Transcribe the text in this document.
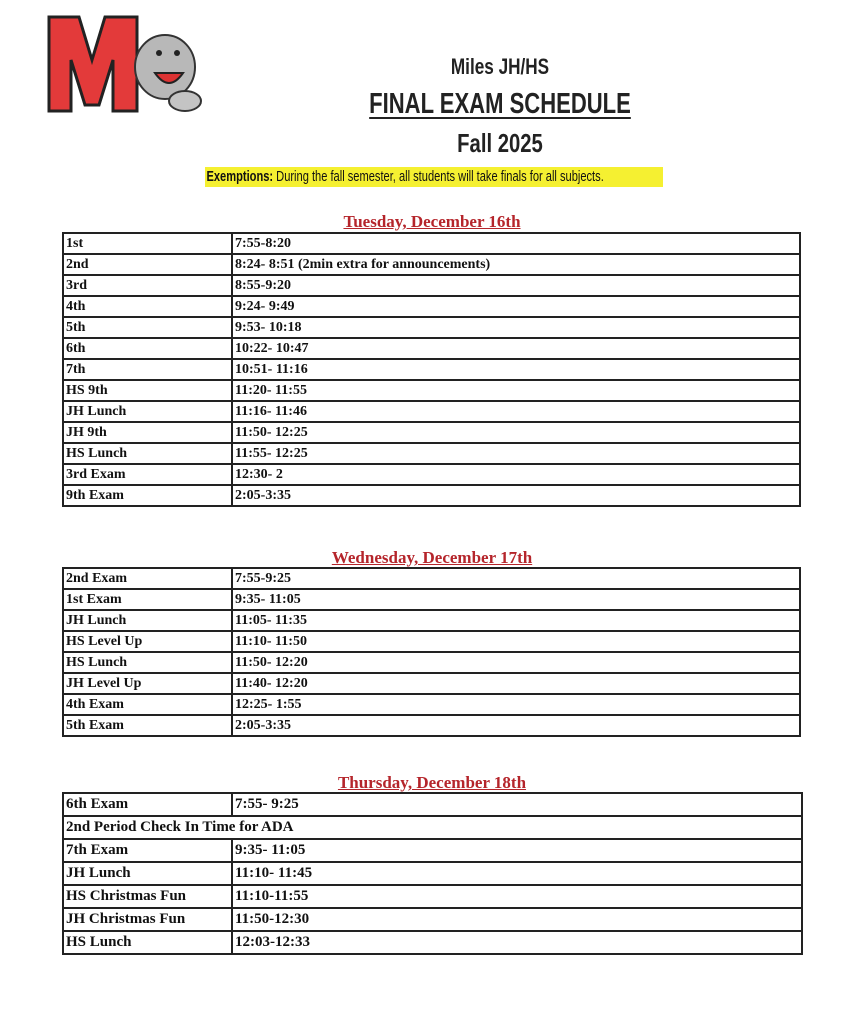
Miles JH/HS
FINAL EXAM SCHEDULE
Fall 2025
Exemptions: During the fall semester, all students will take finals for all subjects.
Tuesday, December 16th
1st	7:55-8:20
2nd	8:24- 8:51 (2min extra for announcements)
3rd	8:55-9:20
4th	9:24- 9:49
5th	9:53- 10:18
6th	10:22- 10:47
7th	10:51- 11:16
HS 9th	11:20- 11:55
JH Lunch	11:16- 11:46
JH 9th	11:50- 12:25
HS Lunch	11:55- 12:25
3rd Exam	12:30- 2
9th Exam	2:05-3:35
Wednesday, December 17th
2nd Exam	7:55-9:25
1st Exam	9:35- 11:05
JH Lunch	11:05- 11:35
HS Level Up	11:10- 11:50
HS Lunch	11:50- 12:20
JH Level Up	11:40- 12:20
4th Exam	12:25- 1:55
5th Exam	2:05-3:35
Thursday, December 18th
6th Exam	7:55- 9:25
2nd Period Check In Time for ADA	
7th Exam	9:35- 11:05
JH Lunch	11:10- 11:45
HS Christmas Fun	11:10-11:55
JH Christmas Fun	11:50-12:30
HS Lunch	12:03-12:33
